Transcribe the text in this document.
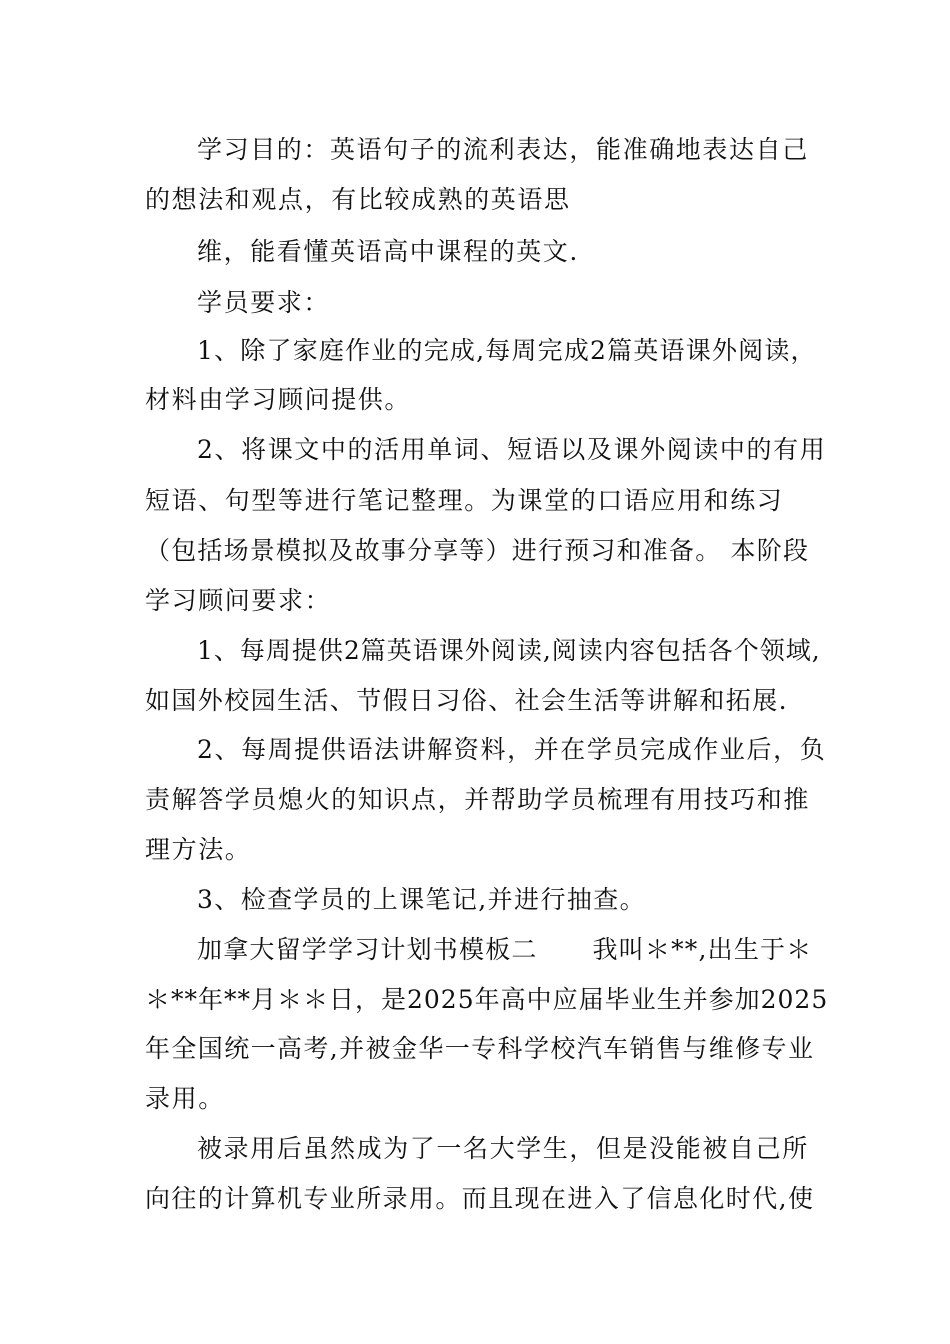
学习目的：英语句子的流利表达，能准确地表达自己
的想法和观点，有比较成熟的英语思
维，能看懂英语高中课程的英文.
学员要求：
1、除了家庭作业的完成,每周完成2篇英语课外阅读，
材料由学习顾问提供。
2、将课文中的活用单词、短语以及课外阅读中的有用
短语、句型等进行笔记整理。为课堂的口语应用和练习
（包括场景模拟及故事分享等）进行预习和准备。 本阶段
学习顾问要求：
1、每周提供2篇英语课外阅读,阅读内容包括各个领域,
如国外校园生活、节假日习俗、社会生活等讲解和拓展.
2、每周提供语法讲解资料，并在学员完成作业后，负
责解答学员熄火的知识点，并帮助学员梳理有用技巧和推
理方法。
3、检查学员的上课笔记,并进行抽查。
加拿大留学学习计划书模板二      我叫＊**,出生于＊
＊**年**月＊＊日，是2025年高中应届毕业生并参加2025
年全国统一高考,并被金华一专科学校汽车销售与维修专业
录用。
被录用后虽然成为了一名大学生，但是没能被自己所
向往的计算机专业所录用。而且现在进入了信息化时代,使
